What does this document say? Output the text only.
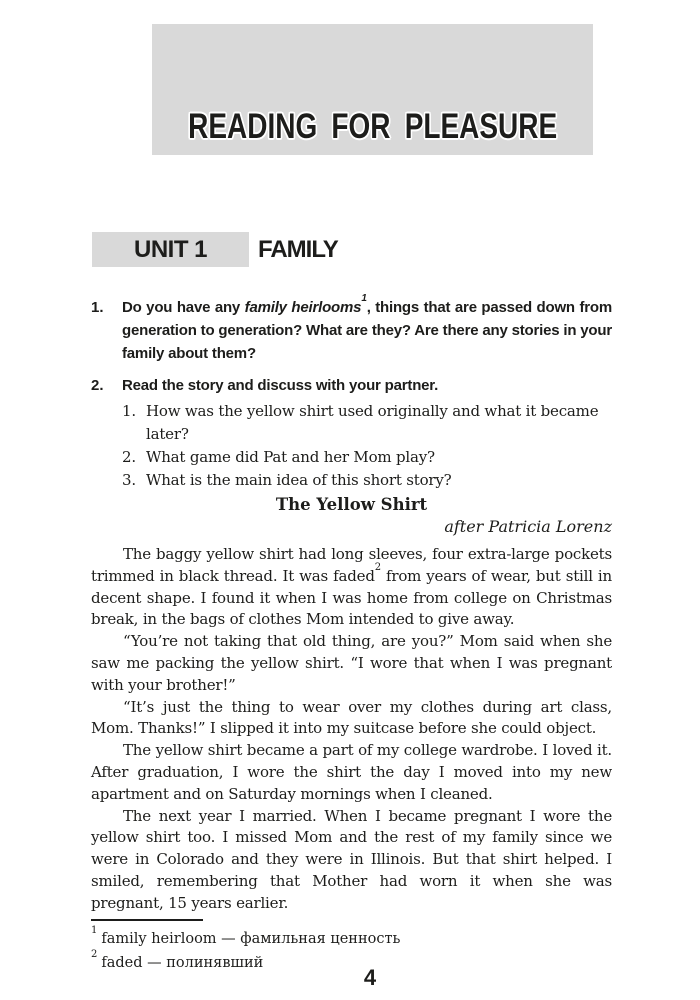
READING FOR PLEASURE
UNIT 1	FAMILY
1.	Do you have any family heirlooms$^1$, things that are passed down from generation to generation? What are they? Are there any stories in your family about them?

2.	Read the story and discuss with your partner.

1. How was the yellow shirt used originally and what it became later?
2. What game did Pat and her Mom play?
3. What is the main idea of this short story?
The Yellow Shirt

after Patricia Lorenz

The baggy yellow shirt had long sleeves, four extra-large pockets trimmed in black thread. It was faded$^2$ from years of wear, but still in decent shape. I found it when I was home from college on Christmas break, in the bags of clothes Mom intended to give away.

“You’re not taking that old thing, are you?” Mom said when she saw me packing the yellow shirt. “I wore that when I was pregnant with your brother!”

“It’s just the thing to wear over my clothes during art class, Mom. Thanks!” I slipped it into my suitcase before she could object.

The yellow shirt became a part of my college wardrobe. I loved it. After graduation, I wore the shirt the day I moved into my new apartment and on Saturday mornings when I cleaned.

The next year I married. When I became pregnant I wore the yellow shirt too. I missed Mom and the rest of my family since we were in Colorado and they were in Illinois. But that shirt helped. I smiled, remembering that Mother had worn it when she was pregnant, 15 years earlier.

$^1$family heirloom — фамильная ценность
$^2$faded — полинявший
4
